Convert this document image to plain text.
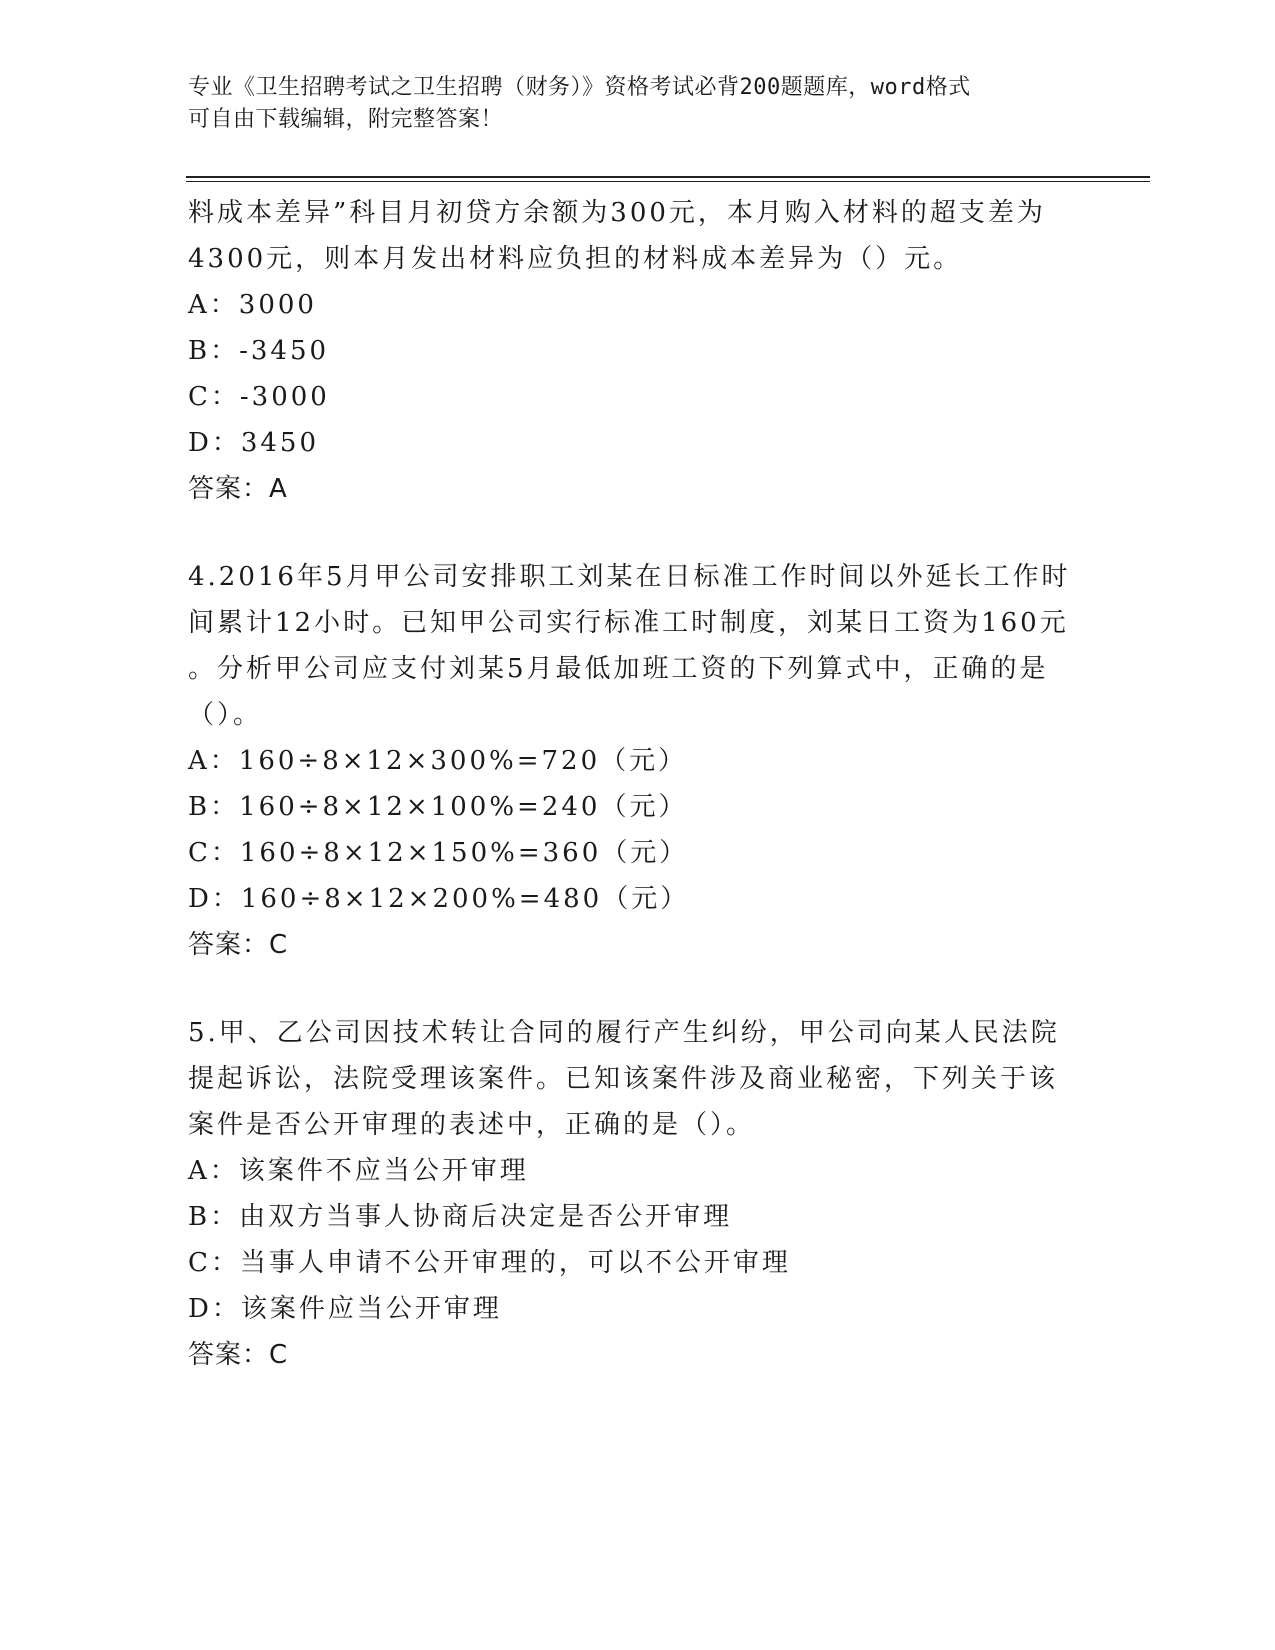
专业《卫生招聘考试之卫生招聘（财务）》资格考试必背200题题库，word格式
可自由下载编辑，附完整答案！
料成本差异”科目月初贷方余额为300元，本月购入材料的超支差为
4300元，则本月发出材料应负担的材料成本差异为（）元。
A：3000
B：-3450
C：-3000
D：3450
答案：A
4.2016年5月甲公司安排职工刘某在日标准工作时间以外延长工作时
间累计12小时。已知甲公司实行标准工时制度，刘某日工资为160元
。分析甲公司应支付刘某5月最低加班工资的下列算式中，正确的是
（）。
A：160÷8×12×300%=720（元）
B：160÷8×12×100%=240（元）
C：160÷8×12×150%=360（元）
D：160÷8×12×200%=480（元）
答案：C
5.甲、乙公司因技术转让合同的履行产生纠纷，甲公司向某人民法院
提起诉讼，法院受理该案件。已知该案件涉及商业秘密，下列关于该
案件是否公开审理的表述中，正确的是（）。
A：该案件不应当公开审理
B：由双方当事人协商后决定是否公开审理
C：当事人申请不公开审理的，可以不公开审理
D：该案件应当公开审理
答案：C
